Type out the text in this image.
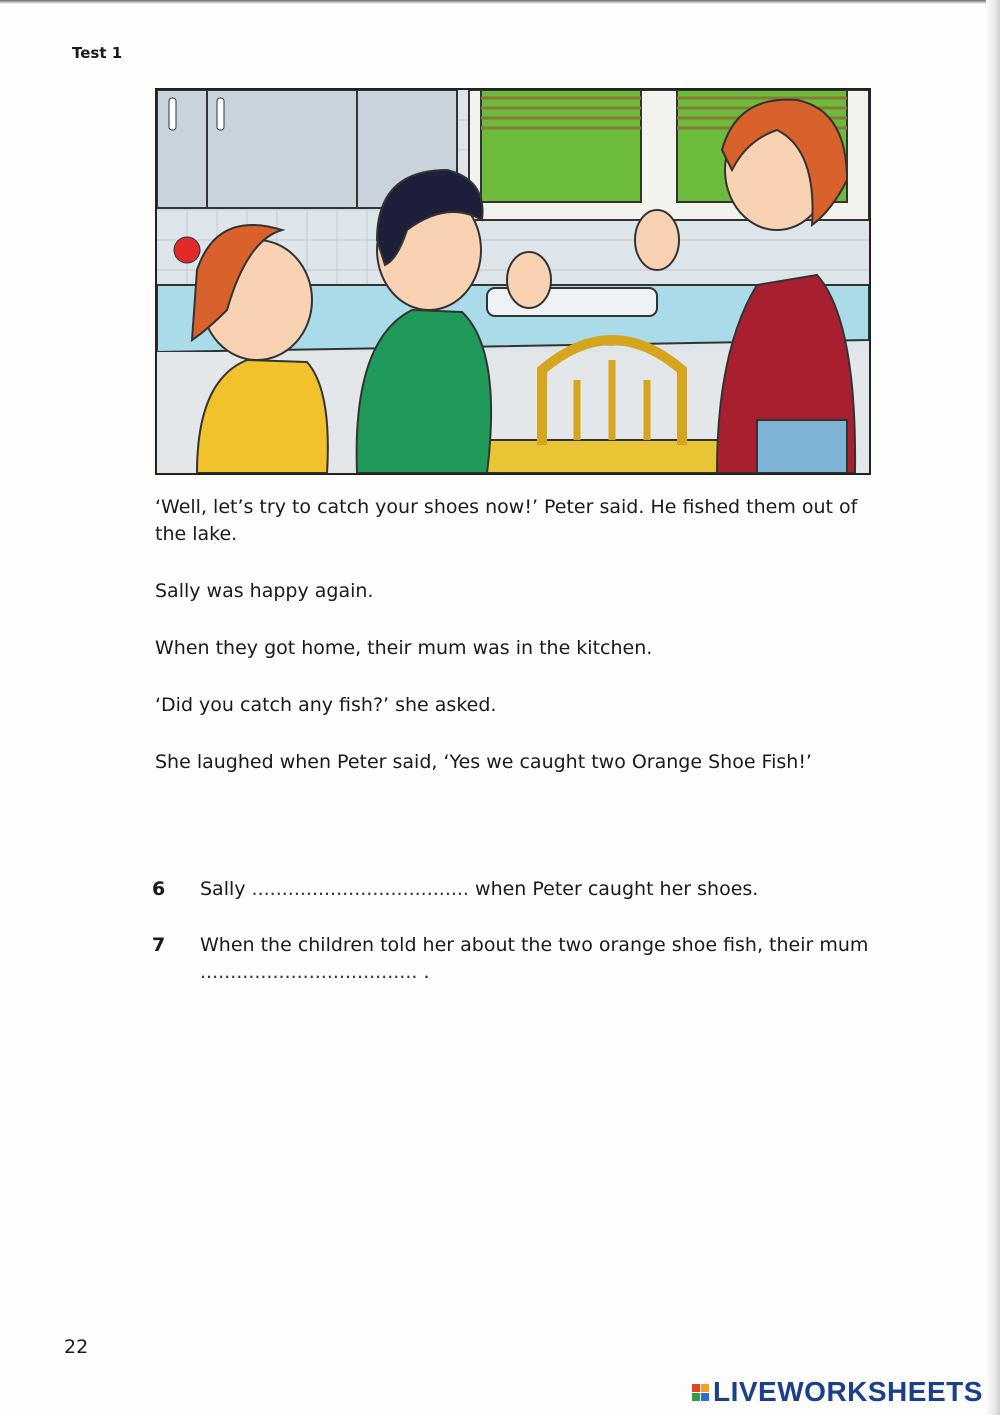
Test 1

‘Well, let’s try to catch your shoes now!’ Peter said. He fished them out of the lake.

Sally was happy again.

When they got home, their mum was in the kitchen.

‘Did you catch any fish?’ she asked.

She laughed when Peter said, ‘Yes we caught two Orange Shoe Fish!’

6 Sally .................................... when Peter caught her shoes.
7 When the children told her about the two orange shoe fish, their mum
.................................... .
22
LIVEWORKSHEETS
